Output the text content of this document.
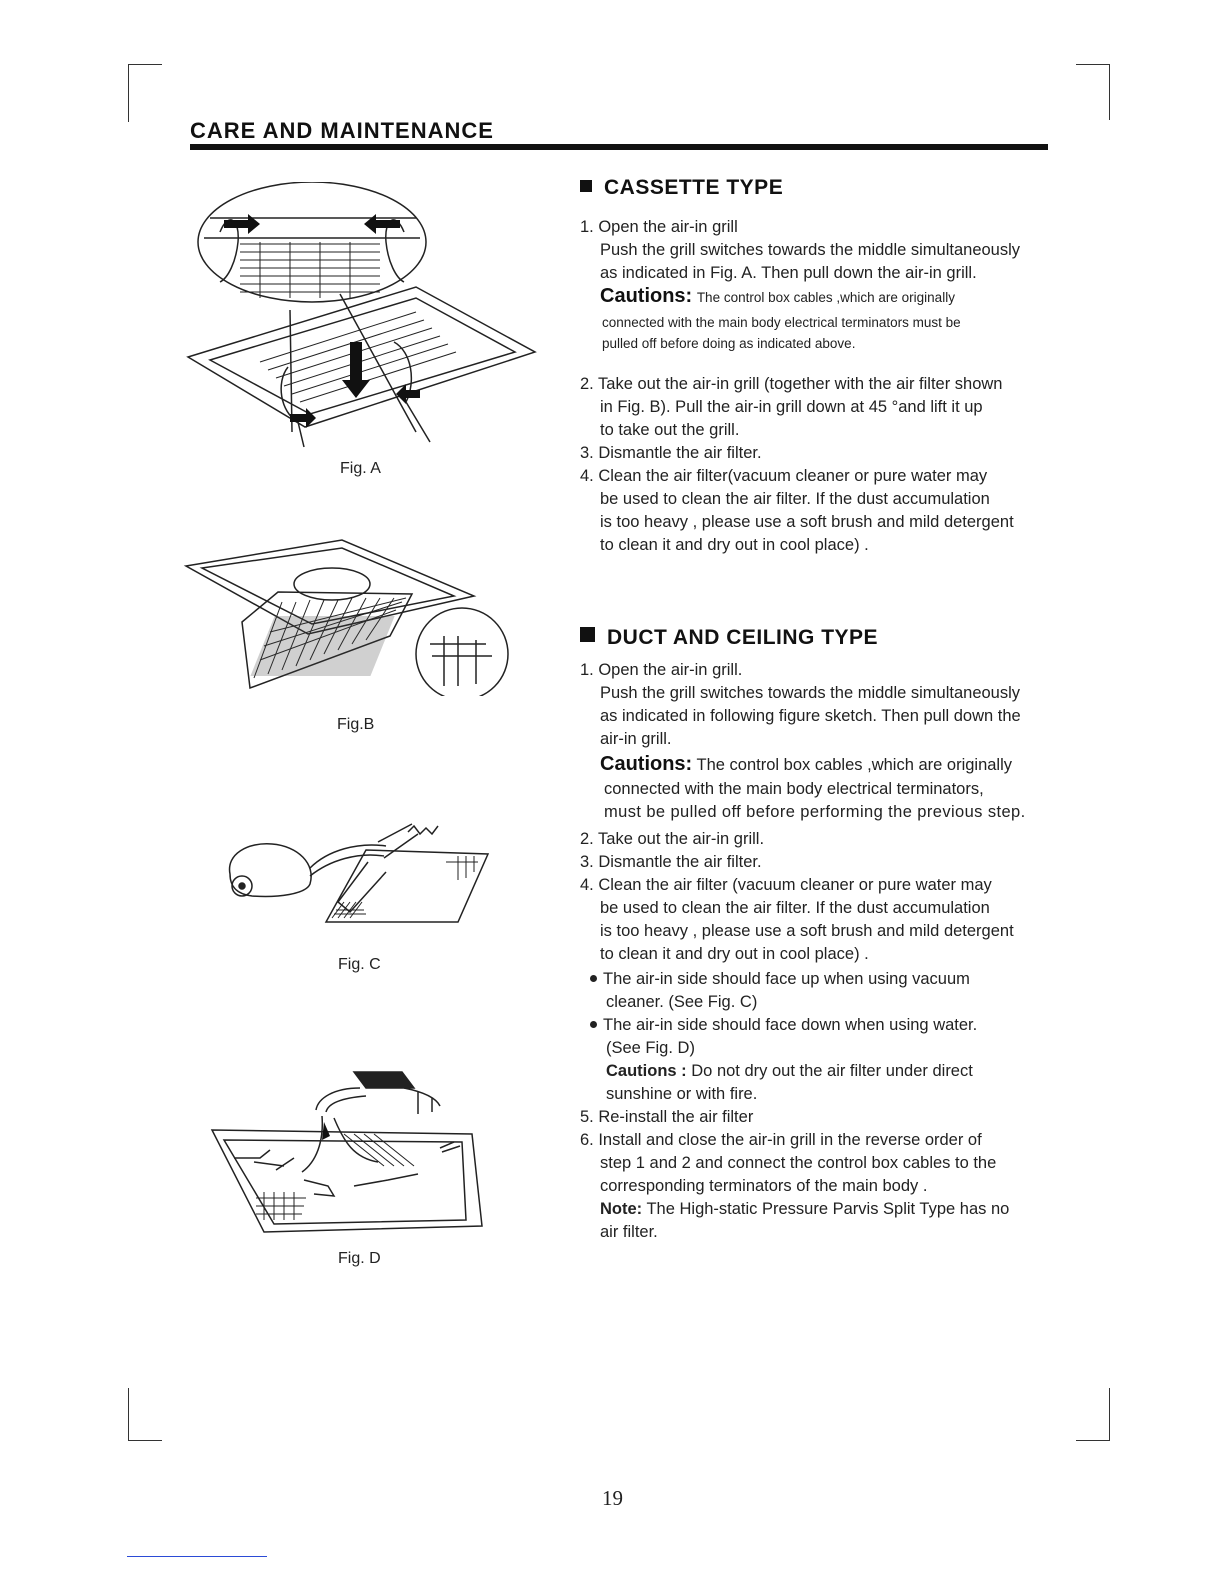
CARE AND MAINTENANCE
Fig. A
Fig.B
Fig. C
Fig. D
CASSETTE TYPE
1. Open the air-in grill
Push the grill switches towards the middle simultaneously
as indicated in Fig. A. Then pull down the air-in grill.
Cautions: The control box cables ,which are originally
connected with the main body electrical terminators must be
pulled off before doing as indicated above.
2. Take out the air-in grill (together with the air filter shown
in Fig. B). Pull the air-in grill down at 45 °and lift it up
to take out the grill.
3. Dismantle the air filter.
4. Clean the air filter(vacuum cleaner or pure water may
be used to clean the air filter. If the dust accumulation
is too heavy , please use a soft brush and mild detergent
to clean it and dry out in cool place) .
DUCT AND CEILING TYPE
1. Open the air-in grill.
Push the grill switches towards the middle simultaneously
as indicated in following figure sketch. Then pull down the
air-in grill.
Cautions: The control box cables ,which are originally
connected with the main body electrical terminators,
must be pulled off before performing the previous step.
2. Take out the air-in grill.
3. Dismantle the air filter.
4. Clean the air filter (vacuum cleaner or pure water may
be used to clean the air filter. If the dust accumulation
is too heavy , please use a soft brush and mild detergent
to clean it and dry out in cool place) .
The air-in side should face up when using vacuum
cleaner. (See Fig. C)
The air-in side should face down when using water.
(See Fig. D)
Cautions : Do not dry out the air filter under direct
sunshine or with fire.
5. Re-install the air filter
6. Install and close the air-in grill in the reverse order of
step 1 and 2 and connect the control box cables to the
corresponding terminators of the main body .
Note: The High-static Pressure Parvis Split Type has no
air filter.
19
